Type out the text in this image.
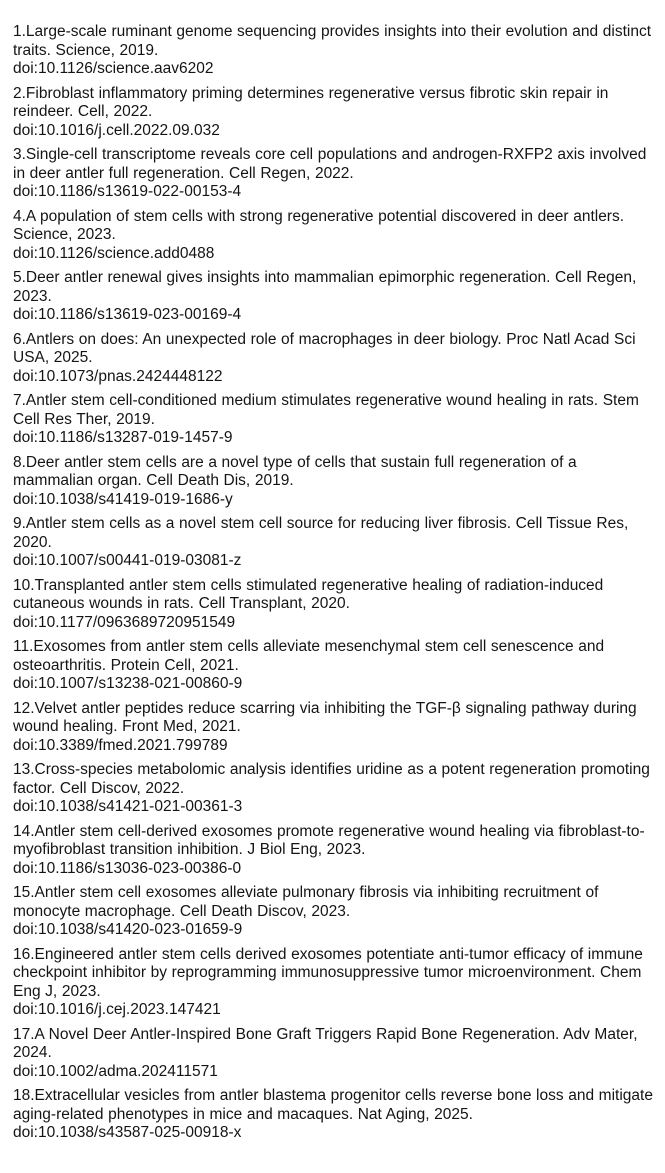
1.Large-scale ruminant genome sequencing provides insights into their evolution and distinct traits. Science, 2019.

doi:10.1126/science.aav6202

2.Fibroblast inflammatory priming determines regenerative versus fibrotic skin repair in reindeer. Cell, 2022.

doi:10.1016/j.cell.2022.09.032

3.Single-cell transcriptome reveals core cell populations and androgen-RXFP2 axis involved in deer antler full regeneration. Cell Regen, 2022.

doi:10.1186/s13619-022-00153-4

4.A population of stem cells with strong regenerative potential discovered in deer antlers. Science, 2023.

doi:10.1126/science.add0488

5.Deer antler renewal gives insights into mammalian epimorphic regeneration. Cell Regen, 2023.

doi:10.1186/s13619-023-00169-4

6.Antlers on does: An unexpected role of macrophages in deer biology. Proc Natl Acad Sci USA, 2025.

doi:10.1073/pnas.2424448122

7.Antler stem cell-conditioned medium stimulates regenerative wound healing in rats. Stem Cell Res Ther, 2019.

doi:10.1186/s13287-019-1457-9

8.Deer antler stem cells are a novel type of cells that sustain full regeneration of a mammalian organ. Cell Death Dis, 2019.

doi:10.1038/s41419-019-1686-y

9.Antler stem cells as a novel stem cell source for reducing liver fibrosis. Cell Tissue Res, 2020.

doi:10.1007/s00441-019-03081-z

10.Transplanted antler stem cells stimulated regenerative healing of radiation-induced cutaneous wounds in rats. Cell Transplant, 2020.

doi:10.1177/0963689720951549

11.Exosomes from antler stem cells alleviate mesenchymal stem cell senescence and osteoarthritis. Protein Cell, 2021.

doi:10.1007/s13238-021-00860-9

12.Velvet antler peptides reduce scarring via inhibiting the TGF-β signaling pathway during wound healing. Front Med, 2021.

doi:10.3389/fmed.2021.799789

13.Cross-species metabolomic analysis identifies uridine as a potent regeneration promoting factor. Cell Discov, 2022.

doi:10.1038/s41421-021-00361-3

14.Antler stem cell-derived exosomes promote regenerative wound healing via fibroblast-to-myofibroblast transition inhibition. J Biol Eng, 2023.

doi:10.1186/s13036-023-00386-0

15.Antler stem cell exosomes alleviate pulmonary fibrosis via inhibiting recruitment of monocyte macrophage. Cell Death Discov, 2023.

doi:10.1038/s41420-023-01659-9

16.Engineered antler stem cells derived exosomes potentiate anti-tumor efficacy of immune checkpoint inhibitor by reprogramming immunosuppressive tumor microenvironment. Chem Eng J, 2023.

doi:10.1016/j.cej.2023.147421

17.A Novel Deer Antler-Inspired Bone Graft Triggers Rapid Bone Regeneration. Adv Mater, 2024.

doi:10.1002/adma.202411571

18.Extracellular vesicles from antler blastema progenitor cells reverse bone loss and mitigate aging-related phenotypes in mice and macaques. Nat Aging, 2025.

doi:10.1038/s43587-025-00918-x
